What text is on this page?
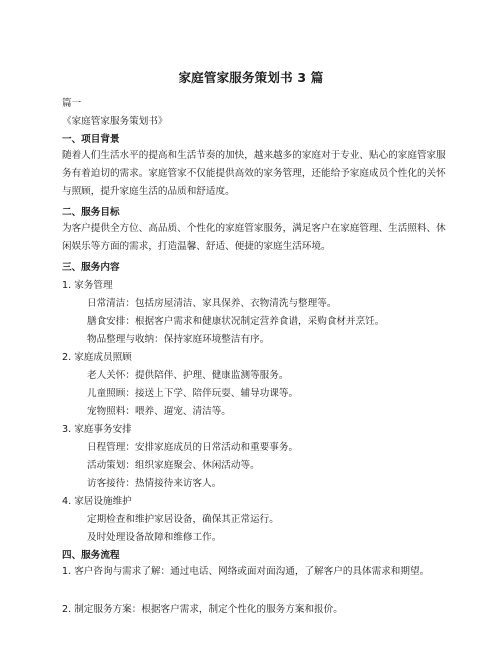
家庭管家服务策划书 3 篇
篇一
《家庭管家服务策划书》
一、项目背景
随着人们生活水平的提高和生活节奏的加快，越来越多的家庭对于专业、贴心的家庭管家服务有着迫切的需求。家庭管家不仅能提供高效的家务管理，还能给予家庭成员个性化的关怀与照顾，提升家庭生活的品质和舒适度。
二、服务目标
为客户提供全方位、高品质、个性化的家庭管家服务，满足客户在家庭管理、生活照料、休闲娱乐等方面的需求，打造温馨、舒适、便捷的家庭生活环境。
三、服务内容
1. 家务管理
日常清洁：包括房屋清洁、家具保养、衣物清洗与整理等。
膳食安排：根据客户需求和健康状况制定营养食谱，采购食材并烹饪。
物品整理与收纳：保持家庭环境整洁有序。
2. 家庭成员照顾
老人关怀：提供陪伴、护理、健康监测等服务。
儿童照顾：接送上下学、陪伴玩耍、辅导功课等。
宠物照料：喂养、遛宠、清洁等。
3. 家庭事务安排
日程管理：安排家庭成员的日常活动和重要事务。
活动策划：组织家庭聚会、休闲活动等。
访客接待：热情接待来访客人。
4. 家居设施维护
定期检查和维护家居设备，确保其正常运行。
及时处理设备故障和维修工作。
四、服务流程
1. 客户咨询与需求了解：通过电话、网络或面对面沟通，了解客户的具体需求和期望。
2. 制定服务方案：根据客户需求，制定个性化的服务方案和报价。
